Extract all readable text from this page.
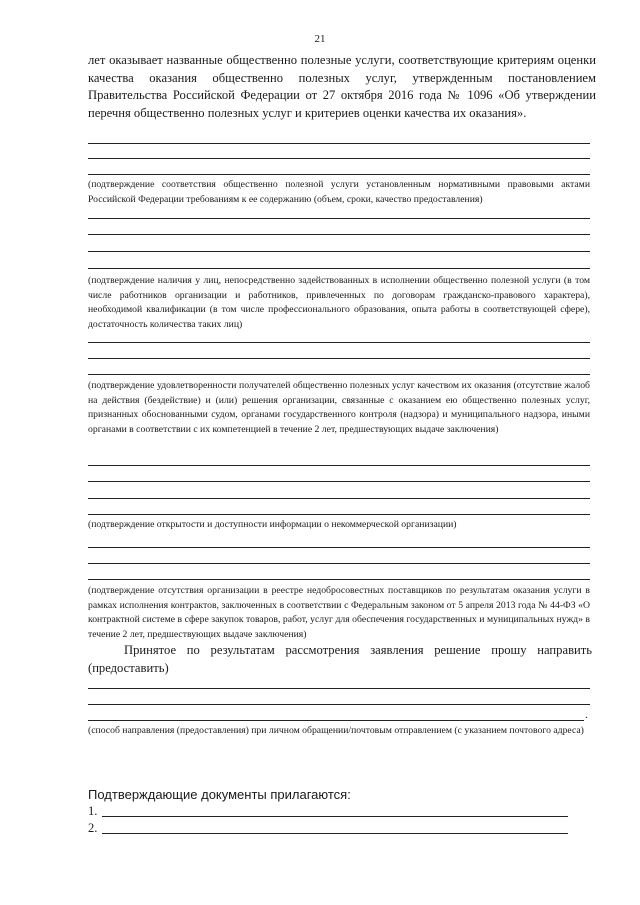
21
лет оказывает названные общественно полезные услуги, соответствующие критериям оценки качества оказания общественно полезных услуг, утвержденным постановлением Правительства Российской Федерации от 27 октября 2016 года № 1096 «Об утверждении перечня общественно полезных услуг и критериев оценки качества их оказания».
(подтверждение соответствия общественно полезной услуги установленным нормативными правовыми актами Российской Федерации требованиям к ее содержанию (объем, сроки, качество предоставления)
(подтверждение наличия у лиц, непосредственно задействованных в исполнении общественно полезной услуги (в том числе работников организации и работников, привлеченных по договорам гражданско-правового характера), необходимой квалификации (в том числе профессионального образования, опыта работы в соответствующей сфере), достаточность количества таких лиц)
(подтверждение удовлетворенности получателей общественно полезных услуг качеством их оказания (отсутствие жалоб на действия (бездействие) и (или) решения организации, связанные с оказанием ею общественно полезных услуг, признанных обоснованными судом, органами государственного контроля (надзора) и муниципального надзора, иными органами в соответствии с их компетенцией в течение 2 лет, предшествующих выдаче заключения)
(подтверждение открытости и доступности информации о некоммерческой организации)
(подтверждение отсутствия организации в реестре недобросовестных поставщиков по результатам оказания услуги в рамках исполнения контрактов, заключенных в соответствии с Федеральным законом от 5 апреля 2013 года № 44-ФЗ «О контрактной системе в сфере закупок товаров, работ, услуг для обеспечения государственных и муниципальных нужд» в течение 2 лет, предшествующих выдаче заключения)
Принятое по результатам рассмотрения заявления решение прошу направить (предоставить)
.
(способ направления (предоставления) при личном обращении/почтовым отправлением (с указанием почтового адреса)
Подтверждающие документы прилагаются:
1.
2.
